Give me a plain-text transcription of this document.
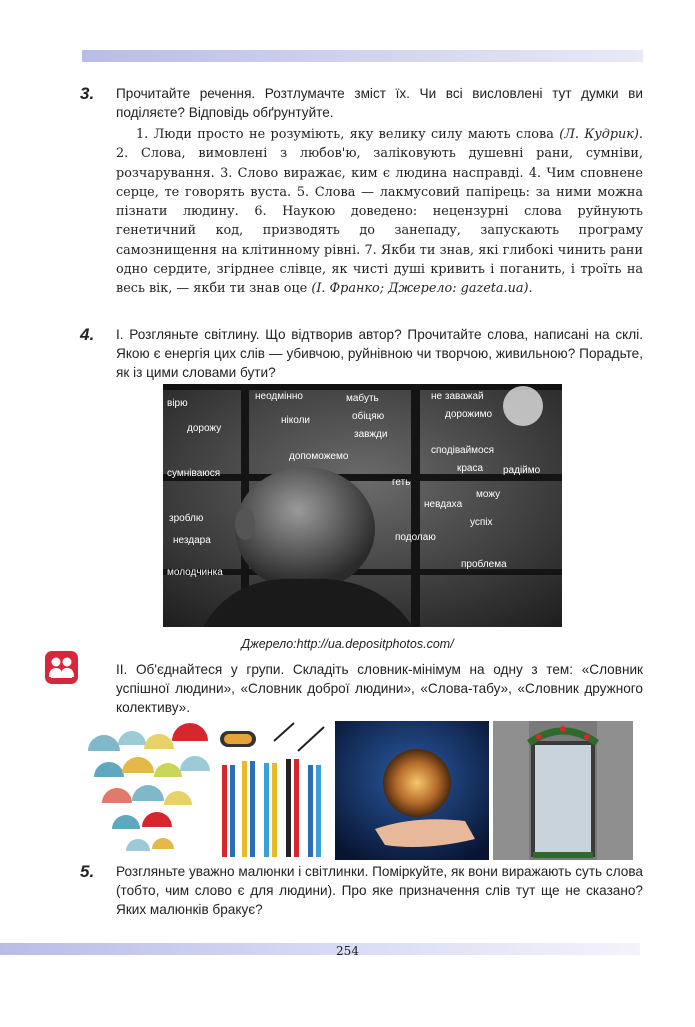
3. Прочитайте речення. Розтлумачте зміст їх. Чи всі висловлені тут думки ви поділяєте? Відповідь обґрунтуйте.

1. Люди просто не розуміють, яку велику силу мають слова (Л. Кудрик). 2. Слова, вимовлені з любов'ю, заліковують душевні рани, сумніви, розчарування. 3. Слово виражає, ким є людина насправді. 4. Чим сповнене серце, те говорять вуста. 5. Слова — лакмусовий папірець: за ними можна пізнати людину. 6. Наукою доведено: нецензурні слова руйнують генетичний код, призводять до занепаду, запускають програму самознищення на клітинному рівні. 7. Якби ти знав, які глибокі чинить рани одно сердите, згірднее слівце, як чисті душі кривить і поганить, і троїть на весь вік, — якби ти знав оце (І. Франко; Джерело: gazeta.ua).

4. I. Розгляньте світлину. Що відтворив автор? Прочитайте слова, написані на склі. Якою є енергія цих слів — убивчою, руйнівною чи творчою, живильною? Порадьте, як із цими словами бути?
вірю
неодмінно	мабуть	не заважай
ніколи	обіцяю	дорожимо
дорожу
завжди
допоможемо
сподіваймося
сумніваюся	краса радіймо
геть
невдаха
можу
зроблю	успіх
нездара	подолаю
проблема
молодчинка
Джерело:http://ua.depositphotos.com/
II. Об'єднайтеся у групи. Складіть словник-мінімум на одну з тем: «Словник успішної людини», «Словник доброї людини», «Слова-табу», «Словник дружного колективу».
5. Розгляньте уважно малюнки і світлинки. Поміркуйте, як вони виражають суть слова (тобто, чим слово є для людини). Про яке призначення слів тут ще не сказано? Яких малюнків бракує?
254
